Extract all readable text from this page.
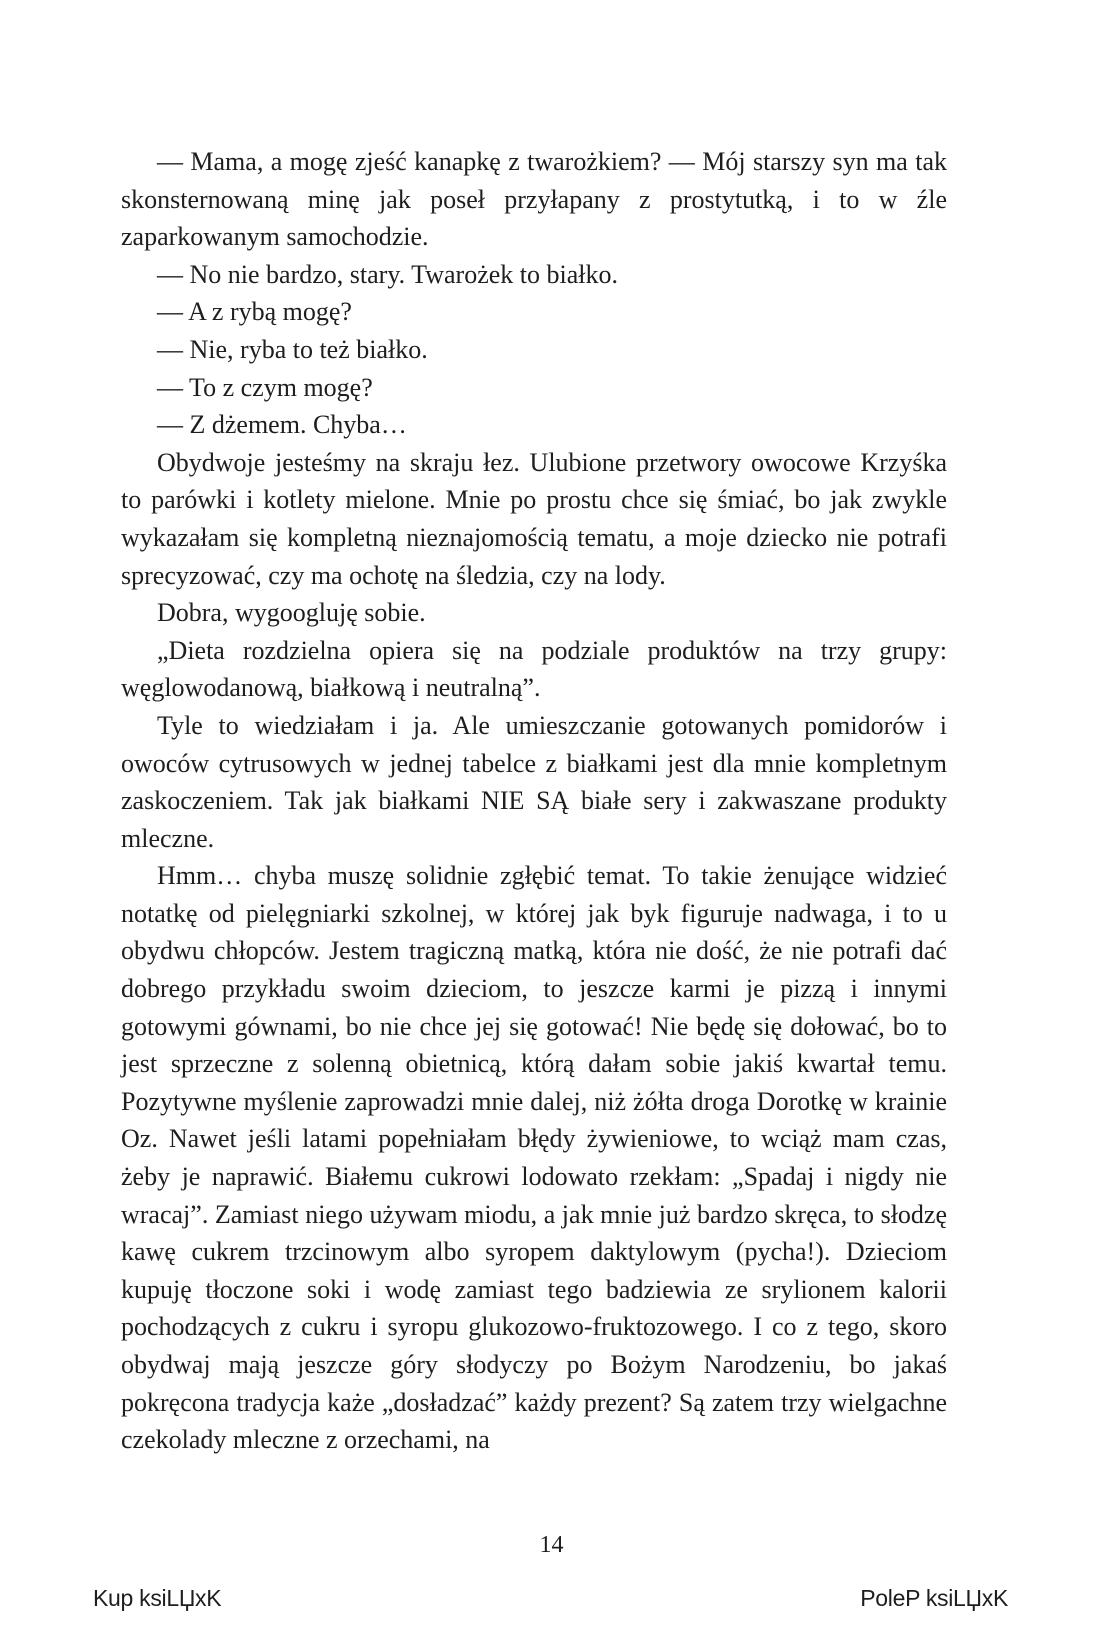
— Mama, a mogę zjeść kanapkę z twarożkiem? — Mój starszy syn ma tak skonsternowaną minę jak poseł przyłapany z prostytutką, i to w źle zaparkowanym samochodzie.

— No nie bardzo, stary. Twarożek to białko.

— A z rybą mogę?

— Nie, ryba to też białko.

— To z czym mogę?

— Z dżemem. Chyba…

Obydwoje jesteśmy na skraju łez. Ulubione przetwory owocowe Krzyśka to parówki i kotlety mielone. Mnie po prostu chce się śmiać, bo jak zwykle wykazałam się kompletną nieznajomością tematu, a moje dziecko nie potrafi sprecyzować, czy ma ochotę na śledzia, czy na lody.

Dobra, wygoogluję sobie.

„Dieta rozdzielna opiera się na podziale produktów na trzy grupy: węglowodanową, białkową i neutralną”.

Tyle to wiedziałam i ja. Ale umieszczanie gotowanych pomidorów i owoców cytrusowych w jednej tabelce z białkami jest dla mnie kompletnym zaskoczeniem. Tak jak białkami NIE SĄ białe sery i zakwaszane produkty mleczne.

Hmm… chyba muszę solidnie zgłębić temat. To takie żenujące widzieć notatkę od pielęgniarki szkolnej, w której jak byk figuruje nadwaga, i to u obydwu chłopców. Jestem tragiczną matką, która nie dość, że nie potrafi dać dobrego przykładu swoim dzieciom, to jeszcze karmi je pizzą i innymi gotowymi gównami, bo nie chce jej się gotować! Nie będę się dołować, bo to jest sprzeczne z solenną obietnicą, którą dałam sobie jakiś kwartał temu. Pozytywne myślenie zaprowadzi mnie dalej, niż żółta droga Dorotkę w krainie Oz. Nawet jeśli latami popełniałam błędy żywieniowe, to wciąż mam czas, żeby je naprawić. Białemu cukrowi lodowato rzekłam: „Spadaj i nigdy nie wracaj”. Zamiast niego używam miodu, a jak mnie już bardzo skręca, to słodzę kawę cukrem trzcinowym albo syropem daktylowym (pycha!). Dzieciom kupuję tłoczone soki i wodę zamiast tego badziewia ze srylionem kalorii pochodzących z cukru i syropu glukozowo-fruktozowego. I co z tego, skoro obydwaj mają jeszcze góry słodyczy po Bożym Narodzeniu, bo jakaś pokręcona tradycja każe „dosładzać” każdy prezent? Są zatem trzy wielgachne czekolady mleczne z orzechami, na

14
Kup ksiLЏxK	PoleP ksiLЏxK
